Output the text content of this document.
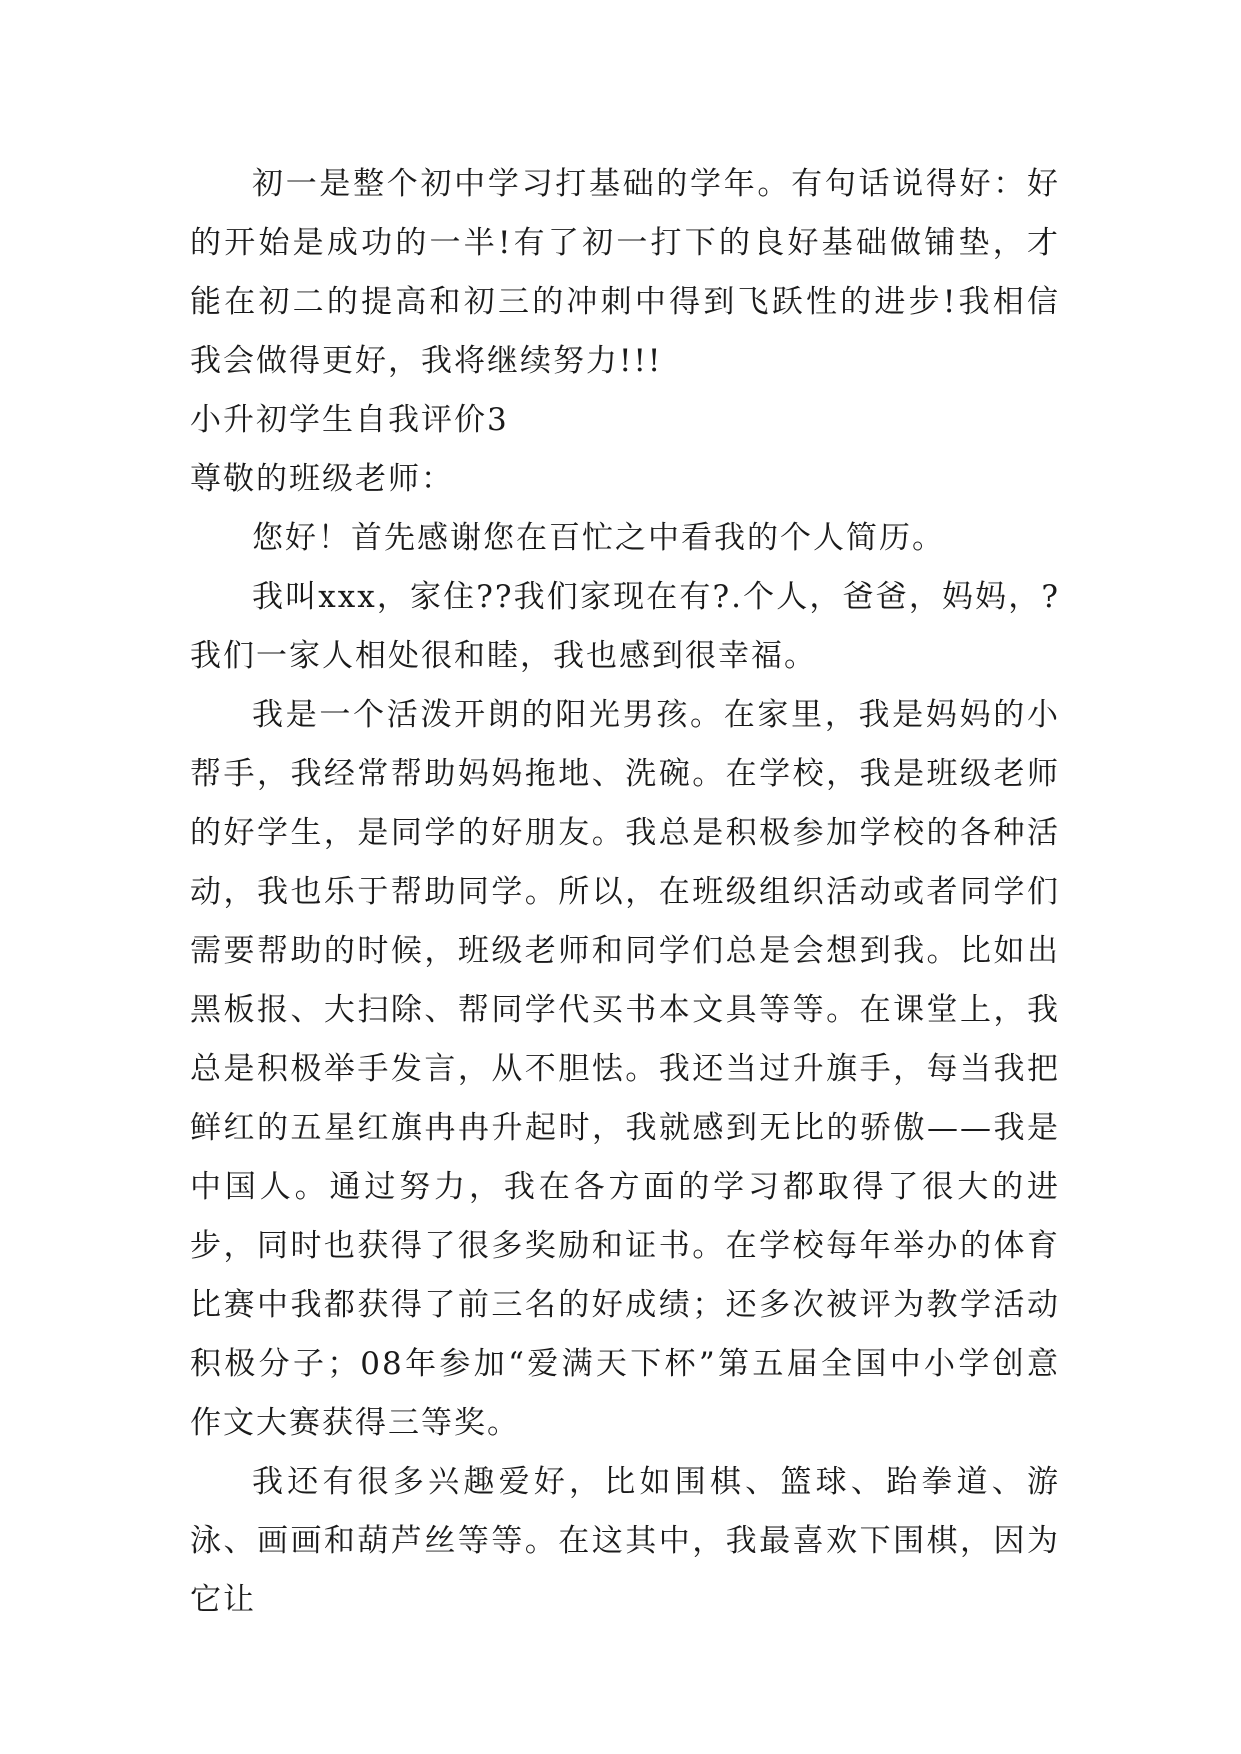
初一是整个初中学习打基础的学年。有句话说得好：好的开始是成功的一半!有了初一打下的良好基础做铺垫，才能在初二的提高和初三的冲刺中得到飞跃性的进步!我相信我会做得更好，我将继续努力!!!

小升初学生自我评价3

尊敬的班级老师：

您好！首先感谢您在百忙之中看我的个人简历。

我叫xxx，家住??我们家现在有?.个人，爸爸，妈妈，?我们一家人相处很和睦，我也感到很幸福。

我是一个活泼开朗的阳光男孩。在家里，我是妈妈的小帮手，我经常帮助妈妈拖地、洗碗。在学校，我是班级老师的好学生，是同学的好朋友。我总是积极参加学校的各种活动，我也乐于帮助同学。所以，在班级组织活动或者同学们需要帮助的时候，班级老师和同学们总是会想到我。比如出黑板报、大扫除、帮同学代买书本文具等等。在课堂上，我总是积极举手发言，从不胆怯。我还当过升旗手，每当我把鲜红的五星红旗冉冉升起时，我就感到无比的骄傲——我是中国人。通过努力，我在各方面的学习都取得了很大的进步，同时也获得了很多奖励和证书。在学校每年举办的体育比赛中我都获得了前三名的好成绩；还多次被评为教学活动积极分子；08年参加“爱满天下杯”第五届全国中小学创意作文大赛获得三等奖。

我还有很多兴趣爱好，比如围棋、篮球、跆拳道、游泳、画画和葫芦丝等等。在这其中，我最喜欢下围棋，因为它让
